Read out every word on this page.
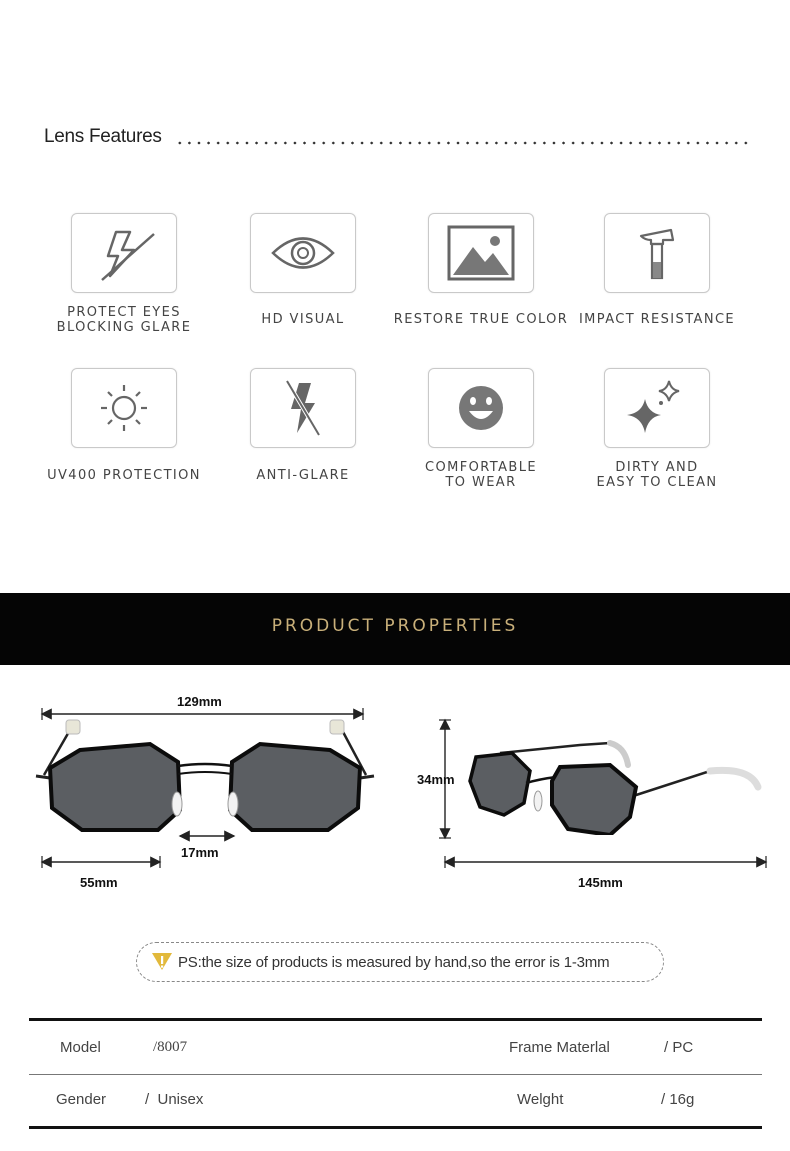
Lens Features
PROTECT EYES
BLOCKING GLARE
HD VISUAL	RESTORE TRUE COLOR IMPACT RESISTANCE
UV400 PROTECTION	ANTI-GLARE
COMFORTABLE
TO WEAR
DIRTY AND
EASY TO CLEAN
PRODUCT PROPERTIES
129mm
17mm
55mm
34mm
145mm
PS:the size of products is measured by hand,so the error is 1-3mm
Model	/8007	Frame Materlal	/ PC
Gender	/  Unisex	Welght	/ 16g
